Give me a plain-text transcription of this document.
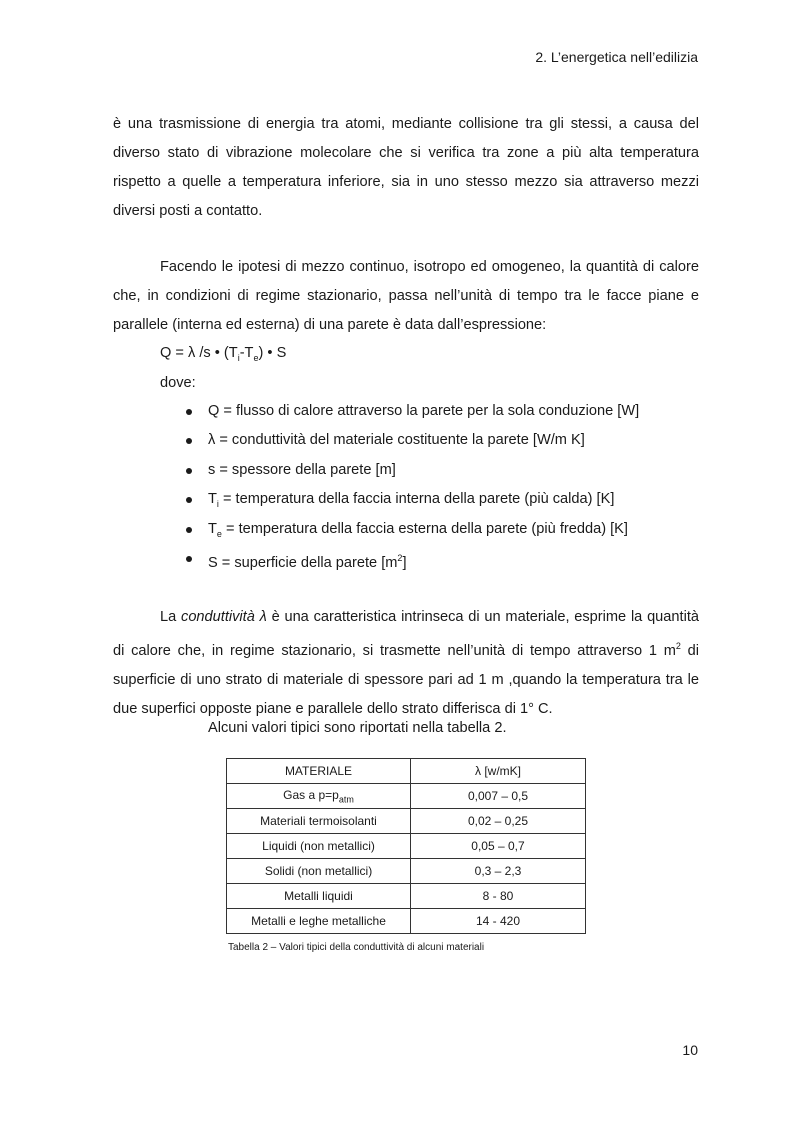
2. L’energetica nell’edilizia

è una trasmissione di energia tra atomi, mediante collisione tra gli stessi, a causa del diverso stato di vibrazione molecolare che si verifica tra zone a più alta temperatura rispetto a quelle a temperatura inferiore, sia in uno stesso mezzo sia attraverso mezzi diversi posti a contatto.

Facendo le ipotesi di mezzo continuo, isotropo ed omogeneo, la quantità di calore che, in condizioni di regime stazionario, passa nell’unità di tempo tra le facce piane e parallele (interna ed esterna) di una parete è data dall’espressione:

Q = λ /s • $(T_i-T_e)$ • S
dove:
Q = flusso di calore attraverso la parete per la sola conduzione [W]
λ = conduttività del materiale costituente la parete [W/m K]
s = spessore della parete [m]
$T_i$ = temperatura della faccia interna della parete (più calda) [K]
$T_e$ = temperatura della faccia esterna della parete (più fredda) [K]
S = superficie della parete $[m^2]$

La conduttività λ è una caratteristica intrinseca di un materiale, esprime la quantità di calore che, in regime stazionario, si trasmette nell’unità di tempo attraverso 1 $m^2$ di superficie di uno strato di materiale di spessore pari ad 1 m ,quando la temperatura tra le due superfici opposte piane e parallele dello strato differisca di 1° C.

Alcuni valori tipici sono riportati nella tabella 2.
MATERIALE	λ [w/mK]
Gas a $p=p_{atm}$	0,007 – 0,5
Materiali termoisolanti	0,02 – 0,25
Liquidi (non metallici)	0,05 – 0,7
Solidi (non metallici)	0,3 – 2,3
Metalli liquidi	8 - 80
Metalli e leghe metalliche	14 - 420
Tabella 2 – Valori tipici della conduttività di alcuni materiali
10
